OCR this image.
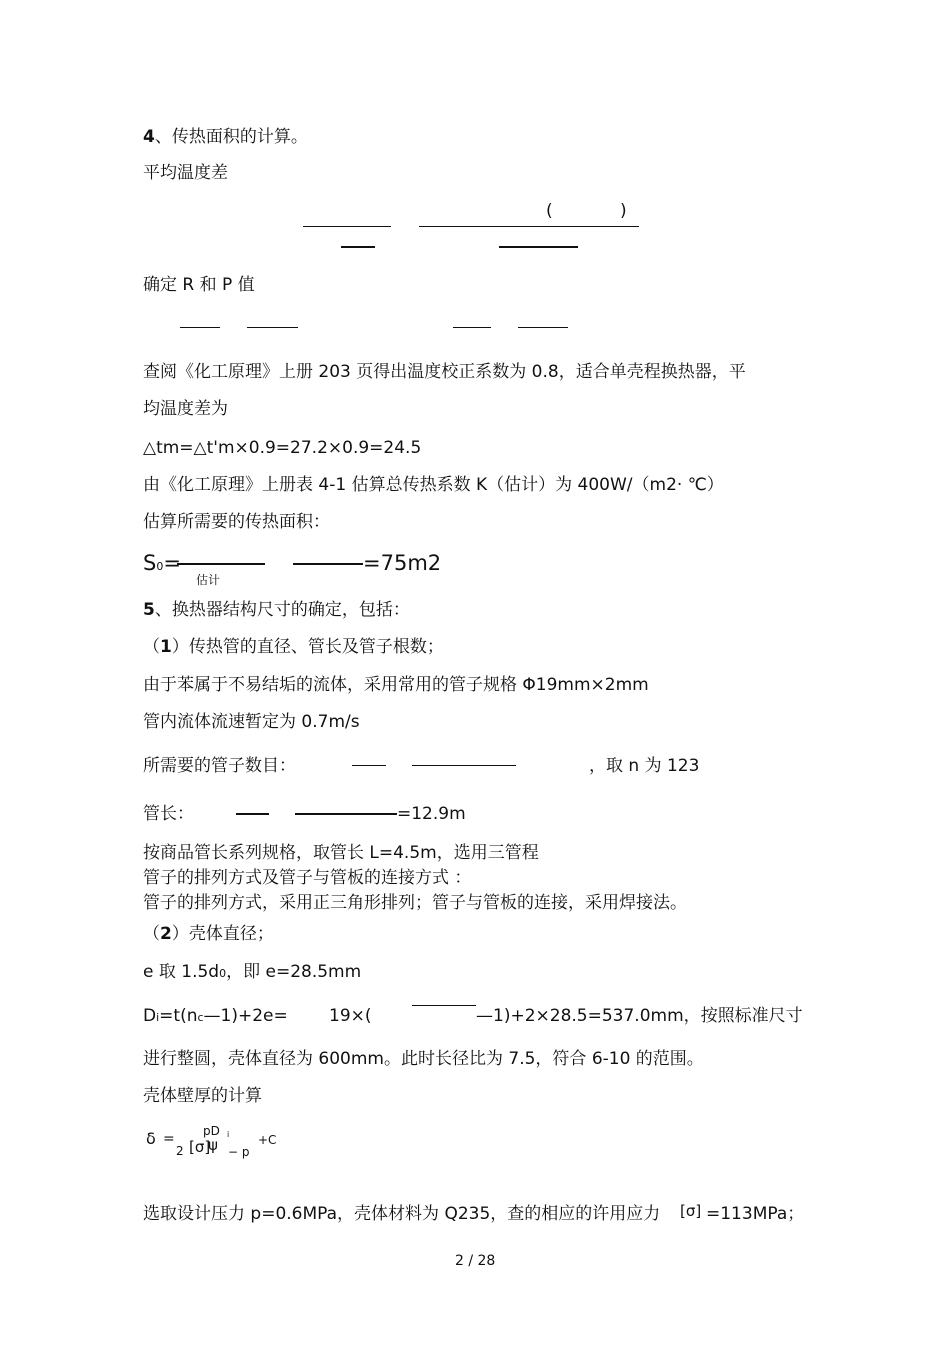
4、传热面积的计算。
平均温度差
(	)
确定 R 和 P 值
查阅《化工原理》上册 203 页得出温度校正系数为 0.8，适合单壳程换热器，平
均温度差为
△tm=△t'm×0.9=27.2×0.9=24.5
由《化工原理》上册表 4-1 估算总传热系数 K（估计）为 400W/（m2· ℃）
估算所需要的传热面积：
S0=
估计
=75m2
5、换热器结构尺寸的确定，包括：
（1）传热管的直径、管长及管子根数；
由于苯属于不易结垢的流体，采用常用的管子规格 Φ19mm×2mm
管内流体流速暂定为 0.7m/s
所需要的管子数目：	，取 n 为 123
管长：	=12.9m
按商品管长系列规格，取管长 L=4.5m，选用三管程
管子的排列方式及管子与管板的连接方式 ：
管子的排列方式，采用正三角形排列；管子与管板的连接，采用焊接法。
（2）壳体直径；
e 取 1.5d0，即 e=28.5mm
Di=t(nc—1)+2e= 19×(	—1)+2×28.5=537.0mm，按照标准尺寸
进行整圆，壳体直径为 600mm。此时长径比为 7.5，符合 6-10 的范围。
壳体壁厚的计算
δ = pD i
2 [σ]
ψ − p
+C
选取设计压力 p=0.6MPa，壳体材料为 Q235，查的相应的许用应力 [σ] =113MPa；
2 / 28
